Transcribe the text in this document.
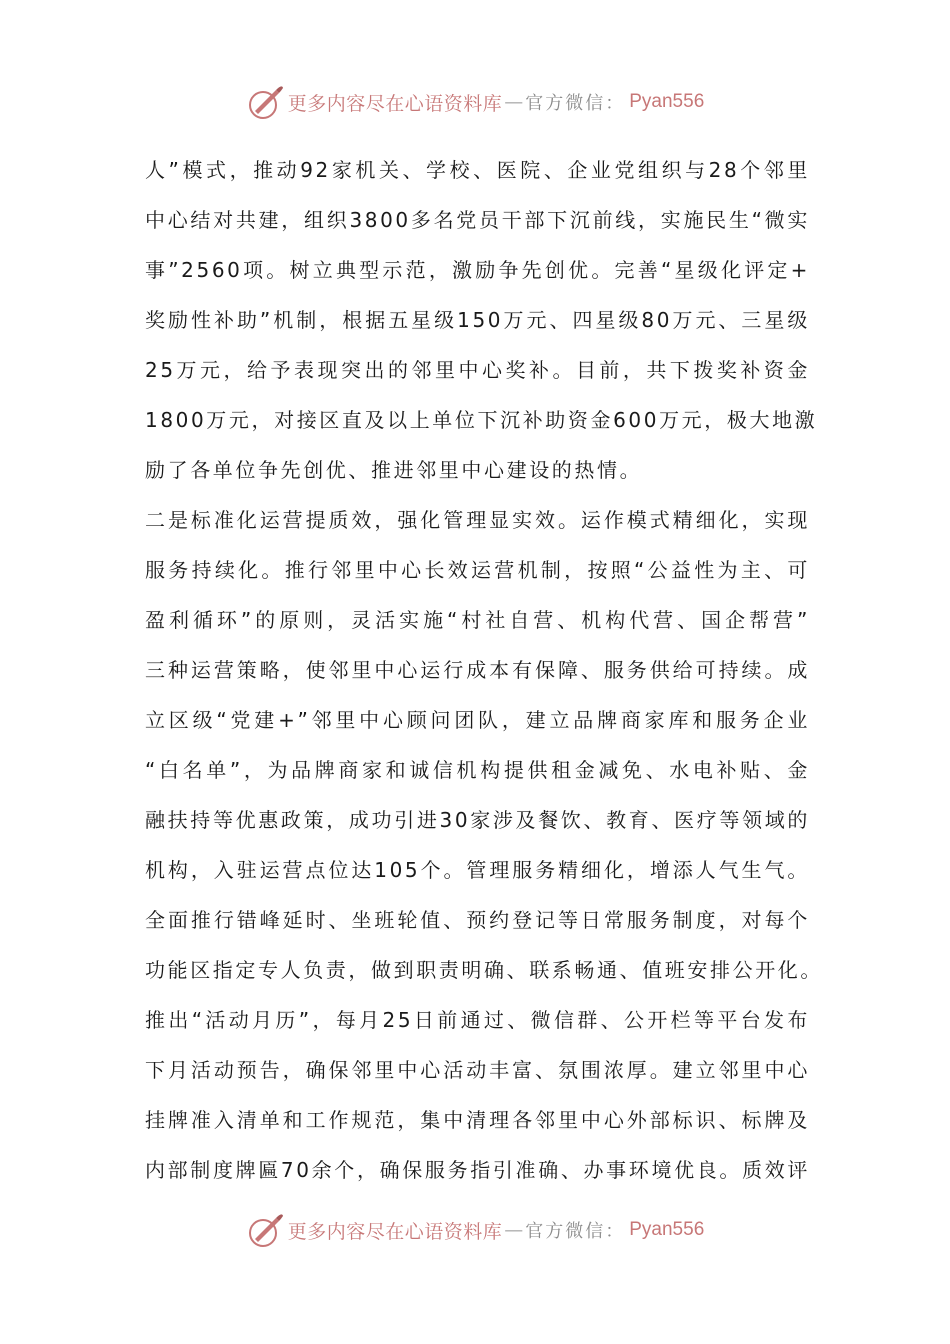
更多内容尽在心语资料库 — 官方微信： Pyan556
人”模式，推动92家机关、学校、医院、企业党组织与28个邻里
中心结对共建，组织3800多名党员干部下沉前线，实施民生“微实
事”2560项。树立典型示范，激励争先创优。完善“星级化评定+
奖励性补助”机制，根据五星级150万元、四星级80万元、三星级
25万元，给予表现突出的邻里中心奖补。目前，共下拨奖补资金
1800万元，对接区直及以上单位下沉补助资金600万元，极大地激
励了各单位争先创优、推进邻里中心建设的热情。
二是标准化运营提质效，强化管理显实效。运作模式精细化，实现
服务持续化。推行邻里中心长效运营机制，按照“公益性为主、可
盈利循环”的原则，灵活实施“村社自营、机构代营、国企帮营”
三种运营策略，使邻里中心运行成本有保障、服务供给可持续。成
立区级“党建+”邻里中心顾问团队，建立品牌商家库和服务企业
“白名单”，为品牌商家和诚信机构提供租金减免、水电补贴、金
融扶持等优惠政策，成功引进30家涉及餐饮、教育、医疗等领域的
机构，入驻运营点位达105个。管理服务精细化，增添人气生气。
全面推行错峰延时、坐班轮值、预约登记等日常服务制度，对每个
功能区指定专人负责，做到职责明确、联系畅通、值班安排公开化。
推出“活动月历”，每月25日前通过、微信群、公开栏等平台发布
下月活动预告，确保邻里中心活动丰富、氛围浓厚。建立邻里中心
挂牌准入清单和工作规范，集中清理各邻里中心外部标识、标牌及
内部制度牌匾70余个，确保服务指引准确、办事环境优良。质效评
更多内容尽在心语资料库 — 官方微信： Pyan556
